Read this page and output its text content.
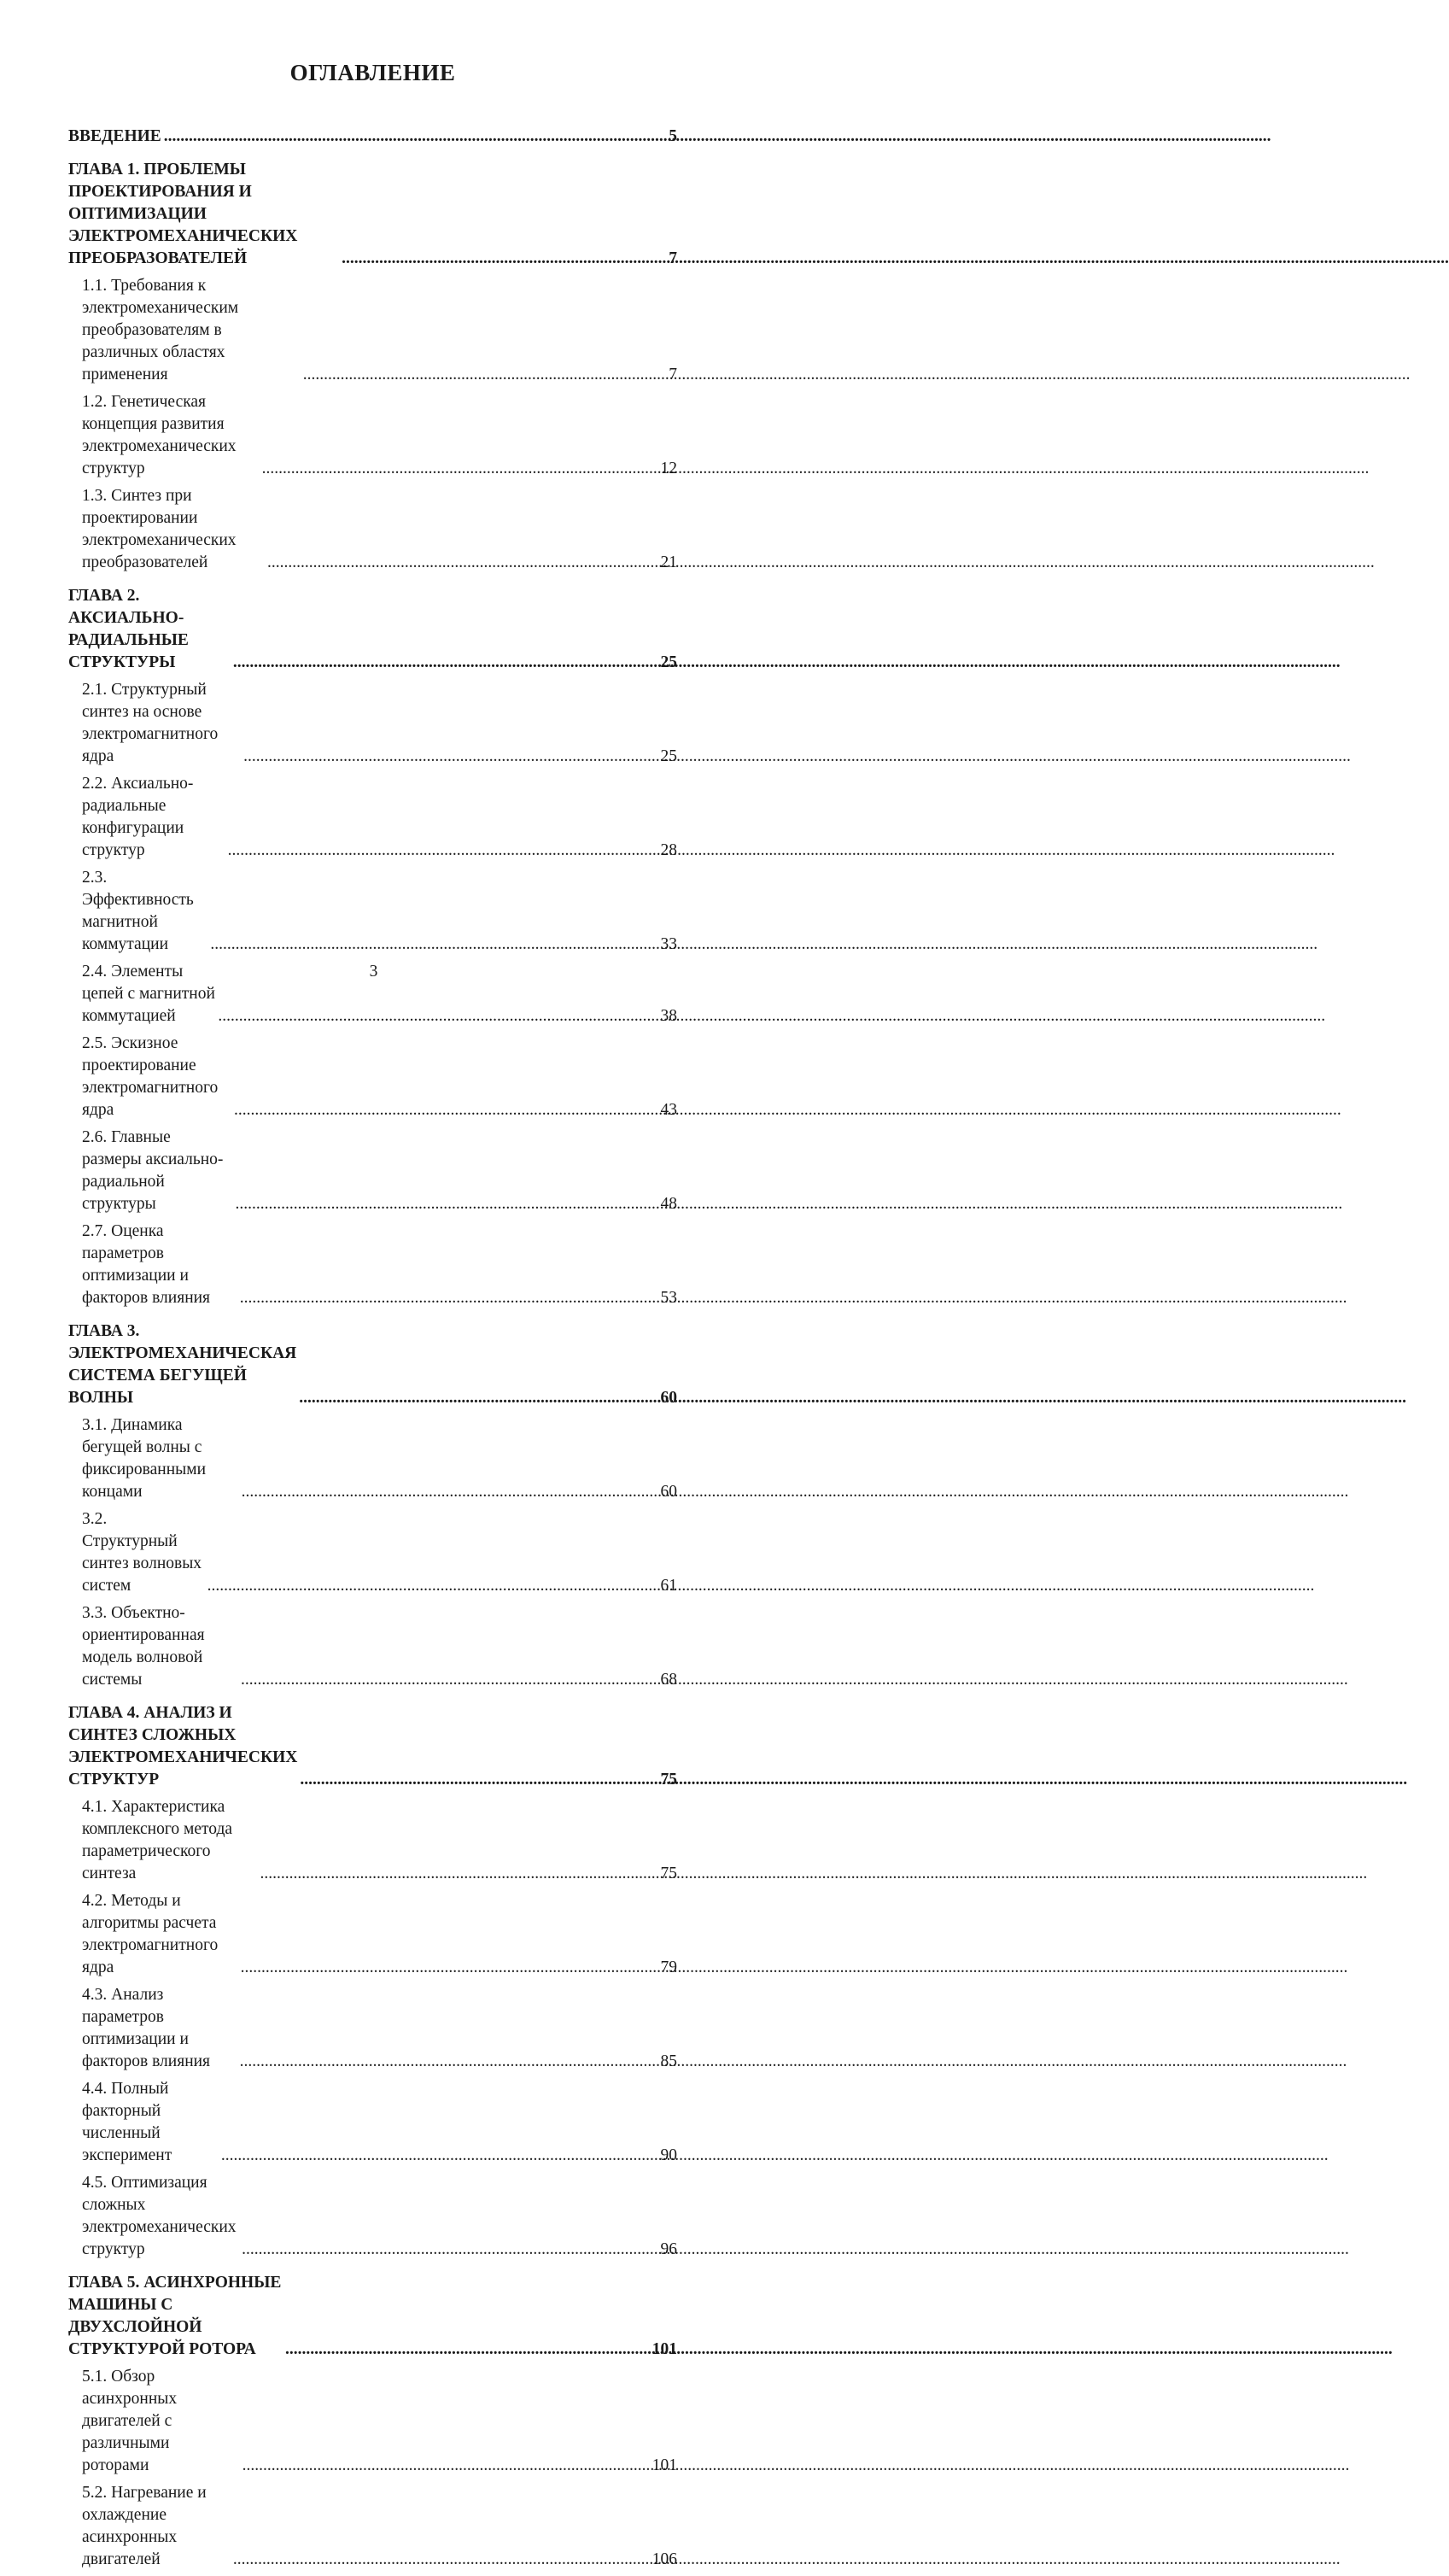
ОГЛАВЛЕНИЕ
ВВЕДЕНИЕ .....	5
ГЛАВА 1. ПРОБЛЕМЫ ПРОЕКТИРОВАНИЯ И ОПТИМИЗАЦИИ ЭЛЕКТРОМЕХАНИЧЕСКИХ ПРЕОБРАЗОВАТЕЛЕЙ .....	7
1.1. Требования к электромеханическим преобразователям в различных областях применения .....	7
1.2. Генетическая концепция развития электромеханических структур .....	12
1.3. Синтез при проектировании электромеханических преобразователей .....	21
ГЛАВА 2. АКСИАЛЬНО-РАДИАЛЬНЫЕ СТРУКТУРЫ .....	25
2.1. Структурный синтез на основе электромагнитного ядра .....	25
2.2. Аксиально-радиальные конфигурации структур .....	28
2.3. Эффективность магнитной коммутации .....	33
2.4. Элементы цепей с магнитной коммутацией .....	38
2.5. Эскизное проектирование электромагнитного ядра .....	43
2.6. Главные размеры аксиально-радиальной структуры .....	48
2.7. Оценка параметров оптимизации и факторов влияния .....	53
ГЛАВА 3. ЭЛЕКТРОМЕХАНИЧЕСКАЯ СИСТЕМА БЕГУЩЕЙ ВОЛНЫ .....	60
3.1. Динамика бегущей волны с фиксированными концами .....	60
3.2. Структурный синтез волновых систем .....	61
3.3. Объектно-ориентированная модель волновой системы .....	68
ГЛАВА 4. АНАЛИЗ И СИНТЕЗ СЛОЖНЫХ ЭЛЕКТРОМЕХАНИЧЕСКИХ СТРУКТУР .....	75
4.1. Характеристика комплексного метода параметрического синтеза .....	75
4.2. Методы и алгоритмы расчета электромагнитного ядра .....	79
4.3. Анализ параметров оптимизации и факторов влияния .....	85
4.4. Полный факторный численный эксперимент .....	90
4.5. Оптимизация сложных электромеханических структур .....	96
ГЛАВА 5. АСИНХРОННЫЕ МАШИНЫ С ДВУХСЛОЙНОЙ СТРУКТУРОЙ РОТОРА .....	101
5.1. Обзор асинхронных двигателей с различными роторами .....	101
5.2. Нагревание и охлаждение асинхронных двигателей .....	106
3
